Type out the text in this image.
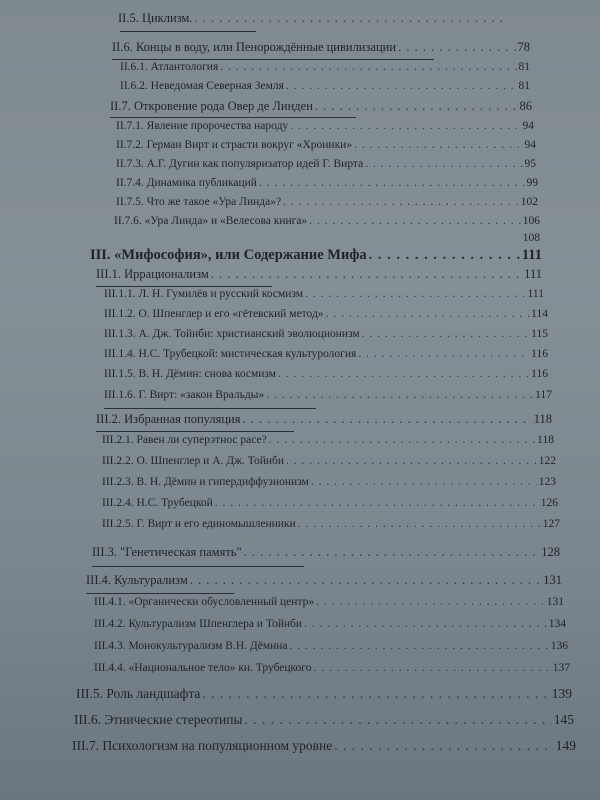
II.5. Циклизм.
. . .
II.6. Концы в воду, или Пенорождённые цивилизации . . .	78
II.6.1. Атлантология . . .	81
II.6.2. Неведомая Северная Земля . . .	81
II.7. Откровение рода Овер де Линден . . .	86
II.7.1. Явление пророчества народу . . .	94
II.7.2. Герман Вирт и страсти вокруг «Хроники» . . .	94
II.7.3. А.Г. Дугин как популяризатор идей Г. Вирта . . .	95
II.7.4. Динамика публикаций . . .	99
II.7.5. Что же такое «Ура Линда»? . . .	102
II.7.6. «Ура Линда» и «Велесова книга» . . .	106
108
III. «Мифософия», или Содержание Мифа . . .	111
III.1. Иррационализм . . .	111
III.1.1. Л. Н. Гумилёв и русский космизм . . .	111
III.1.2. О. Шпенглер и его «гётевский метод» . . .	114
III.1.3. А. Дж. Тойнби: христианский эволюционизм . . .	115
III.1.4. Н.С. Трубецкой: мистическая культурология . . .	116
III.1.5. В. Н. Дёмин: снова космизм . . .	116
III.1.6. Г. Вирт: «закон Вральды» . . .	117
III.2. Избранная популяция . . .	118
III.2.1. Равен ли суперэтнос расе? . . .	118
III.2.2. О. Шпенглер и А. Дж. Тойнби . . .	122
III.2.3. В. Н. Дёмин и гипердиффузионизм . . .	123
III.2.4. Н.С. Трубецкой . . .	126
III.2.5. Г. Вирт и его единомышленники . . .	127
III.3. "Генетическая память" . . .	128
III.4. Культурализм . . .	131
III.4.1. «Органически обусловленный центр» . . .	131
III.4.2. Культурализм Шпенглера и Тойнби . . .	134
III.4.3. Монокультурализм В.Н. Дёмина . . .	136
III.4.4. «Национальное тело» кн. Трубецкого . . .	137
III.5. Роль ландшафта . . .	139
III.6. Этнические стереотипы . . .	145
III.7. Психологизм на популяционном уровне . . .	149
